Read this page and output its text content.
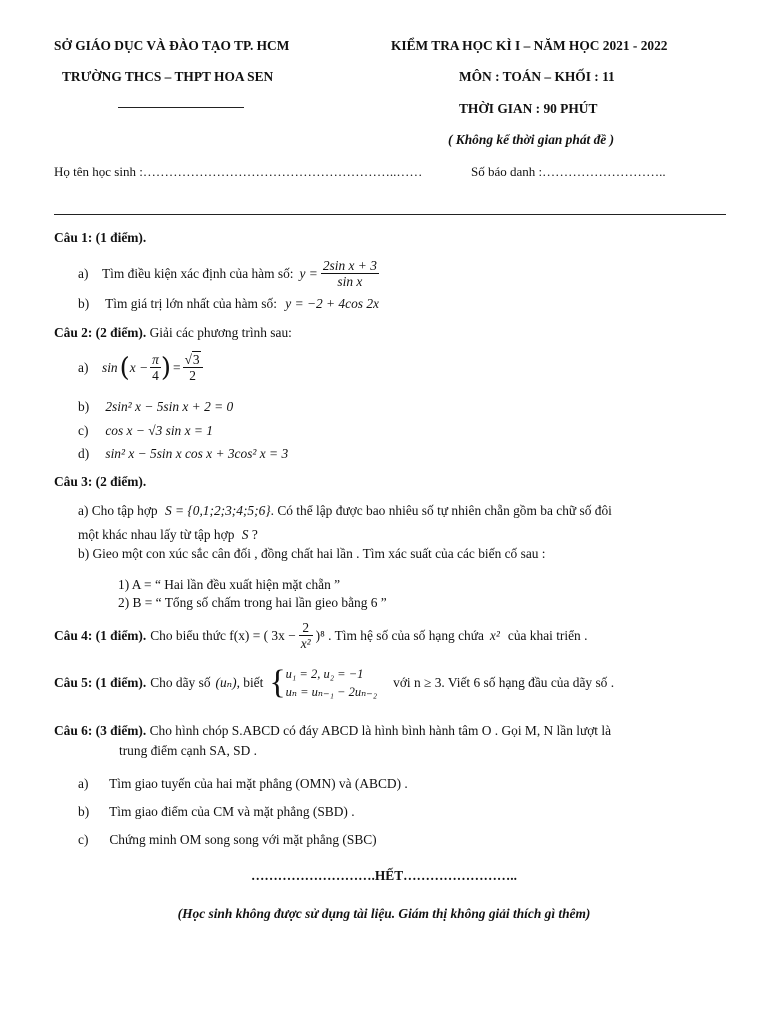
SỞ GIÁO DỤC VÀ ĐÀO TẠO TP. HCM
TRƯỜNG THCS – THPT HOA SEN
KIỂM TRA HỌC KÌ I – NĂM HỌC 2021 - 2022
MÔN : TOÁN – KHỐI : 11
THỜI GIAN : 90 PHÚT
( Không kể thời gian phát đề )
Họ tên học sinh :…………………………………………………..……	Số báo danh :………………………..
Câu 1: (1 điểm).
a)	Tìm điều kiện xác định của hàm số: $y = \frac{\text{2sin x + 3}}{\text{sin x}}$
b) Tìm giá trị lớn nhất của hàm số: y = −2 + 4cos 2x
Câu 2: (2 điểm). Giải các phương trình sau:
a)	sin ( $x - \frac{\pi}{4}$ ) = $\frac{√3}{2}$
b) 2sin² x − 5sin x + 2 = 0
c) cos x − √3 sin x = 1
d) sin² x − 5sin x cos x + 3cos² x = 3
Câu 3: (2 điểm).
a) Cho tập hợp S = {0,1;2;3;4;5;6}. Có thể lập được bao nhiêu số tự nhiên chẵn gồm ba chữ số đôi
một khác nhau lấy từ tập hợp S ?
b) Gieo một con xúc sắc cân đối , đồng chất hai lần . Tìm xác suất của các biến cố sau :
1) A = “ Hai lần đều xuất hiện mặt chẵn ”
2) B = “ Tổng số chấm trong hai lần gieo bằng 6 ”
Câu 4: (1 điểm). Cho biểu thức f(x) = ( $3x - \frac{2}{\text{x²}} )^8$ . Tìm hệ số của số hạng chứa x² của khai triển .
Câu 5: (1 điểm). Cho dãy số (uₙ) , biết { u₁ = 2, u₂ = −1
uₙ = uₙ₋₁ − 2uₙ₋₂
với n ≥ 3. Viết 6 số hạng đầu của dãy số .
Câu 6: (3 điểm). Cho hình chóp S.ABCD có đáy ABCD là hình bình hành tâm O . Gọi M, N lần lượt là
trung điểm cạnh SA, SD .
a) Tìm giao tuyến của hai mặt phẳng (OMN) và (ABCD) .
b) Tìm giao điểm của CM và mặt phẳng (SBD) .
c) Chứng minh OM song song với mặt phẳng (SBC)
……………………….HẾT……………………..
(Học sinh không được sử dụng tài liệu. Giám thị không giải thích gì thêm)
